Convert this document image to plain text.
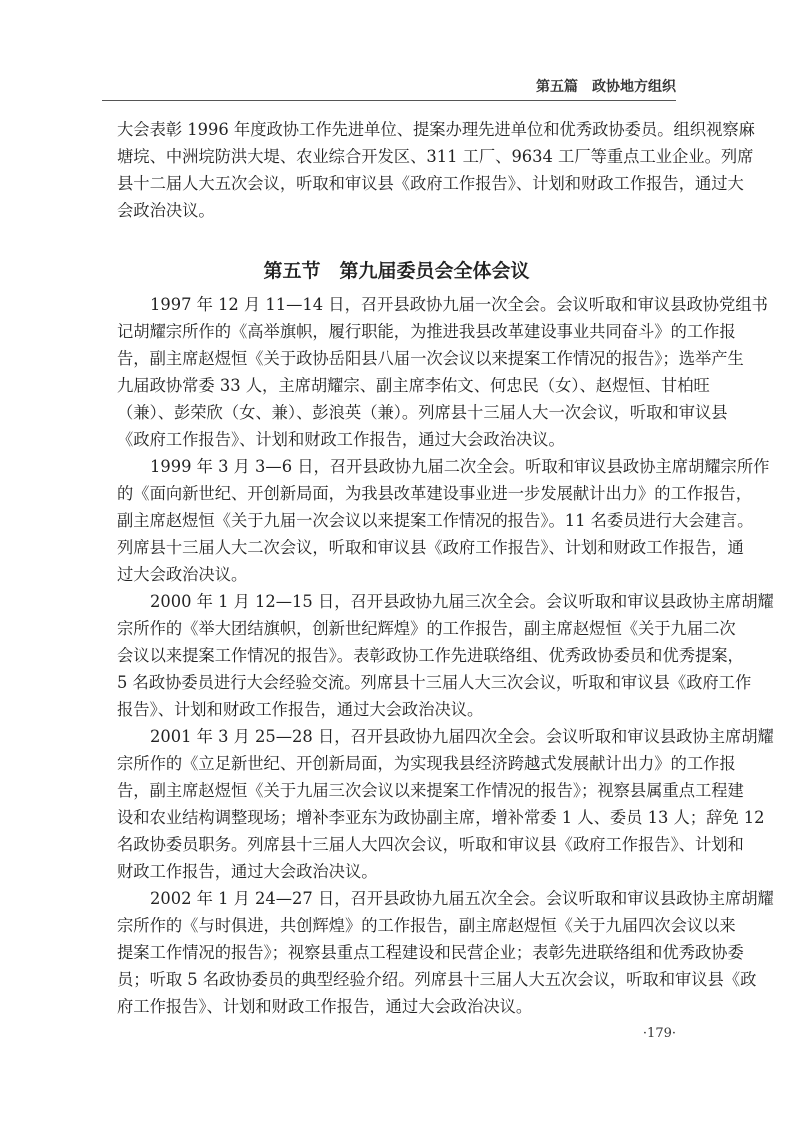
第五篇　政协地方组织
大会表彰 1996 年度政协工作先进单位、提案办理先进单位和优秀政协委员。组织视察麻
塘垸、中洲垸防洪大堤、农业综合开发区、311 工厂、9634 工厂等重点工业企业。列席
县十二届人大五次会议，听取和审议县《政府工作报告》、计划和财政工作报告，通过大
会政治决议。
第五节　第九届委员会全体会议
1997 年 12 月 11—14 日，召开县政协九届一次全会。会议听取和审议县政协党组书
记胡耀宗所作的《高举旗帜，履行职能，为推进我县改革建设事业共同奋斗》的工作报
告，副主席赵煜恒《关于政协岳阳县八届一次会议以来提案工作情况的报告》；选举产生
九届政协常委 33 人，主席胡耀宗、副主席李佑文、何忠民（女）、赵煜恒、甘柏旺
（兼）、彭荣欣（女、兼）、彭浪英（兼）。列席县十三届人大一次会议，听取和审议县
《政府工作报告》、计划和财政工作报告，通过大会政治决议。
1999 年 3 月 3—6 日，召开县政协九届二次全会。听取和审议县政协主席胡耀宗所作
的《面向新世纪、开创新局面，为我县改革建设事业进一步发展献计出力》的工作报告，
副主席赵煜恒《关于九届一次会议以来提案工作情况的报告》。11 名委员进行大会建言。
列席县十三届人大二次会议，听取和审议县《政府工作报告》、计划和财政工作报告，通
过大会政治决议。
2000 年 1 月 12—15 日，召开县政协九届三次全会。会议听取和审议县政协主席胡耀
宗所作的《举大团结旗帜，创新世纪辉煌》的工作报告，副主席赵煜恒《关于九届二次
会议以来提案工作情况的报告》。表彰政协工作先进联络组、优秀政协委员和优秀提案，
5 名政协委员进行大会经验交流。列席县十三届人大三次会议，听取和审议县《政府工作
报告》、计划和财政工作报告，通过大会政治决议。
2001 年 3 月 25—28 日，召开县政协九届四次全会。会议听取和审议县政协主席胡耀
宗所作的《立足新世纪、开创新局面，为实现我县经济跨越式发展献计出力》的工作报
告，副主席赵煜恒《关于九届三次会议以来提案工作情况的报告》；视察县属重点工程建
设和农业结构调整现场；增补李亚东为政协副主席，增补常委 1 人、委员 13 人；辞免 12
名政协委员职务。列席县十三届人大四次会议，听取和审议县《政府工作报告》、计划和
财政工作报告，通过大会政治决议。
2002 年 1 月 24—27 日，召开县政协九届五次全会。会议听取和审议县政协主席胡耀
宗所作的《与时俱进，共创辉煌》的工作报告，副主席赵煜恒《关于九届四次会议以来
提案工作情况的报告》；视察县重点工程建设和民营企业；表彰先进联络组和优秀政协委
员；听取 5 名政协委员的典型经验介绍。列席县十三届人大五次会议，听取和审议县《政
府工作报告》、计划和财政工作报告，通过大会政治决议。
·179·
